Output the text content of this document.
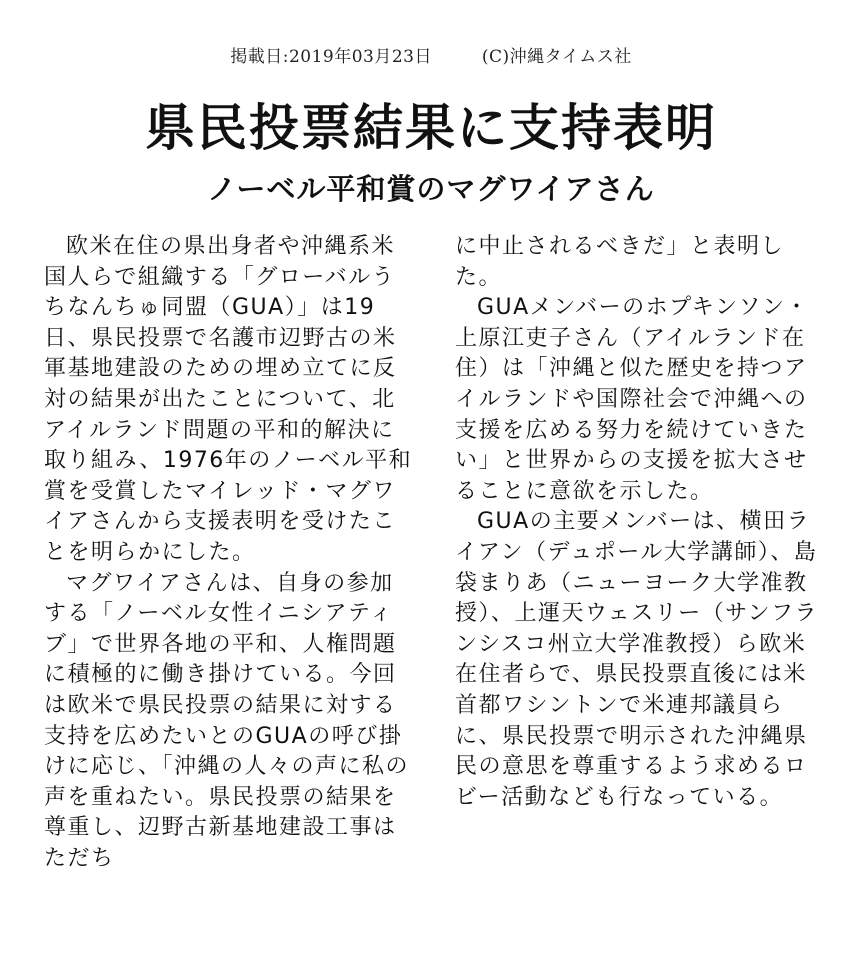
掲載日:2019年03月23日	(C)沖縄タイムス社
県民投票結果に支持表明
ノーベル平和賞のマグワイアさん

欧米在住の県出身者や沖縄系米国人らで組織する「グローバルうちなんちゅ同盟（GUA）」は19日、県民投票で名護市辺野古の米軍基地建設のための埋め立てに反対の結果が出たことについて、北アイルランド問題の平和的解決に取り組み、1976年のノーベル平和賞を受賞したマイレッド・マグワイアさんから支援表明を受けたことを明らかにした。

マグワイアさんは、自身の参加する「ノーベル女性イニシアティブ」で世界各地の平和、人権問題に積極的に働き掛けている。今回は欧米で県民投票の結果に対する支持を広めたいとのGUAの呼び掛けに応じ、「沖縄の人々の声に私の声を重ねたい。県民投票の結果を尊重し、辺野古新基地建設工事はただち

に中止されるべきだ」と表明した。

GUAメンバーのホプキンソン・上原江吏子さん（アイルランド在住）は「沖縄と似た歴史を持つアイルランドや国際社会で沖縄への支援を広める努力を続けていきたい」と世界からの支援を拡大させることに意欲を示した。

GUAの主要メンバーは、横田ライアン（デュポール大学講師）、島袋まりあ（ニューヨーク大学准教授）、上運天ウェスリー（サンフランシスコ州立大学准教授）ら欧米在住者らで、県民投票直後には米首都ワシントンで米連邦議員らに、県民投票で明示された沖縄県民の意思を尊重するよう求めるロビー活動なども行なっている。
